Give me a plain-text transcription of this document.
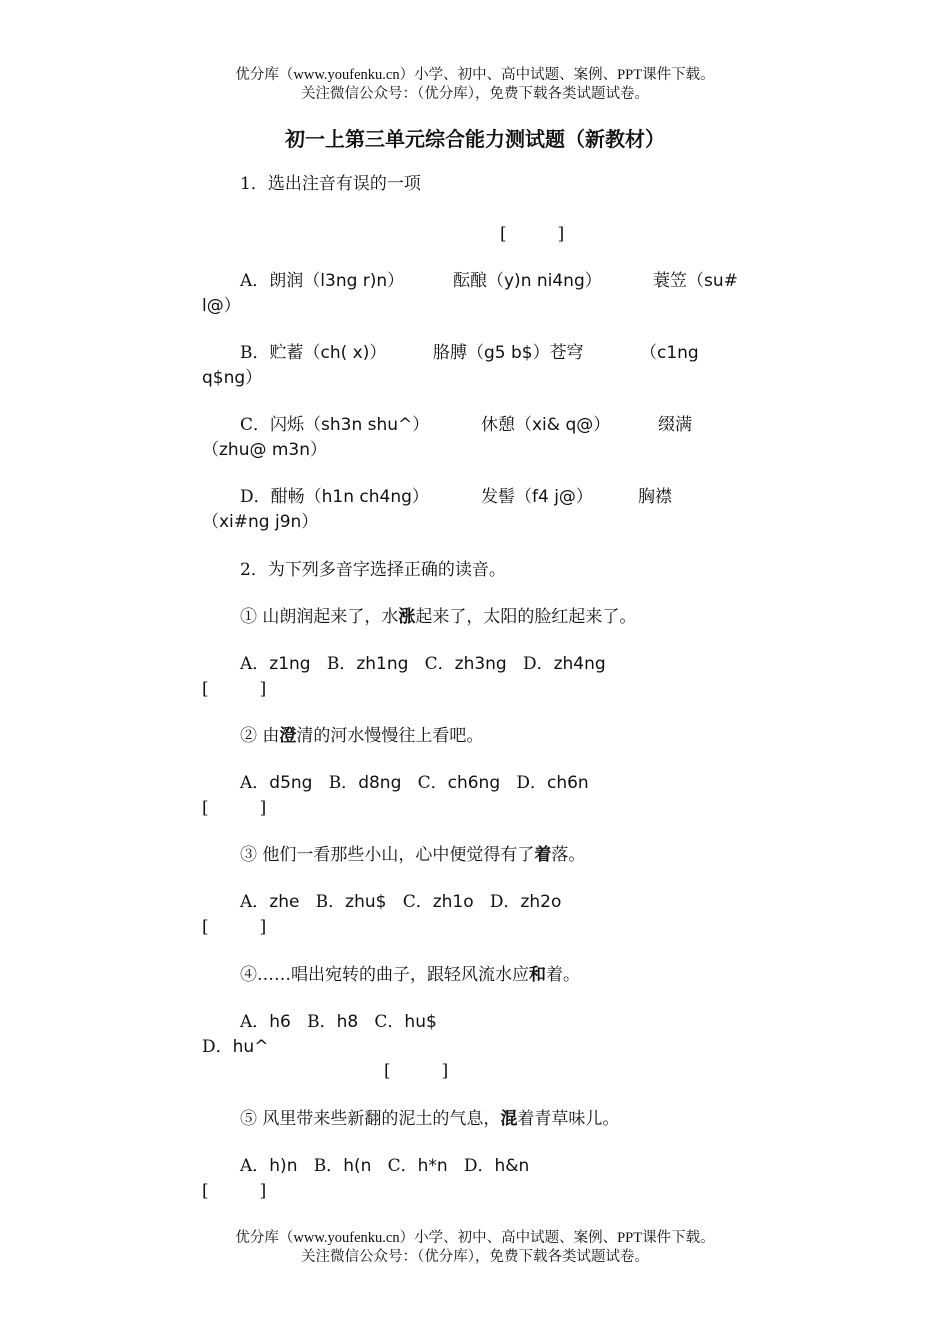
优分库（www.youfenku.cn）小学、初中、高中试题、案例、PPT课件下载。
关注微信公众号：（优分库），免费下载各类试题试卷。
初一上第三单元综合能力测试题（新教材）
1．选出注音有误的一项
[　　　]
A．朗润（l3ng r)n）	酝酿（y)n ni4ng）	蓑笠（su#
l@）
B．贮蓄（ch( x)）	胳膊（g5 b$）苍穹	（c1ng
q$ng）
C．闪烁（sh3n shu^）	休憩（xi& q@）	缀满
（zhu@ m3n）
D．酣畅（h1n ch4ng）	发髻（f4 j@）	胸襟
（xi#ng j9n）
2．为下列多音字选择正确的读音。
① 山朗润起来了，水涨起来了，太阳的脸红起来了。
A．z1ng B．zh1ng C．zh3ng D．zh4ng
[　　　]
② 由澄清的河水慢慢往上看吧。
A．d5ng B．d8ng C．ch6ng D．ch6n
[　　　]
③ 他们一看那些小山，心中便觉得有了着落。
A．zhe B．zhu$ C．zh1o D．zh2o
[　　　]
④……唱出宛转的曲子，跟轻风流水应和着。
A．h6 B．h8 C．hu$
D．hu^
[　　　]
⑤ 风里带来些新翻的泥土的气息，混着青草味儿。
A．h)n B．h(n C．h*n D．h&n
[　　　]
优分库（www.youfenku.cn）小学、初中、高中试题、案例、PPT课件下载。
关注微信公众号：（优分库），免费下载各类试题试卷。
